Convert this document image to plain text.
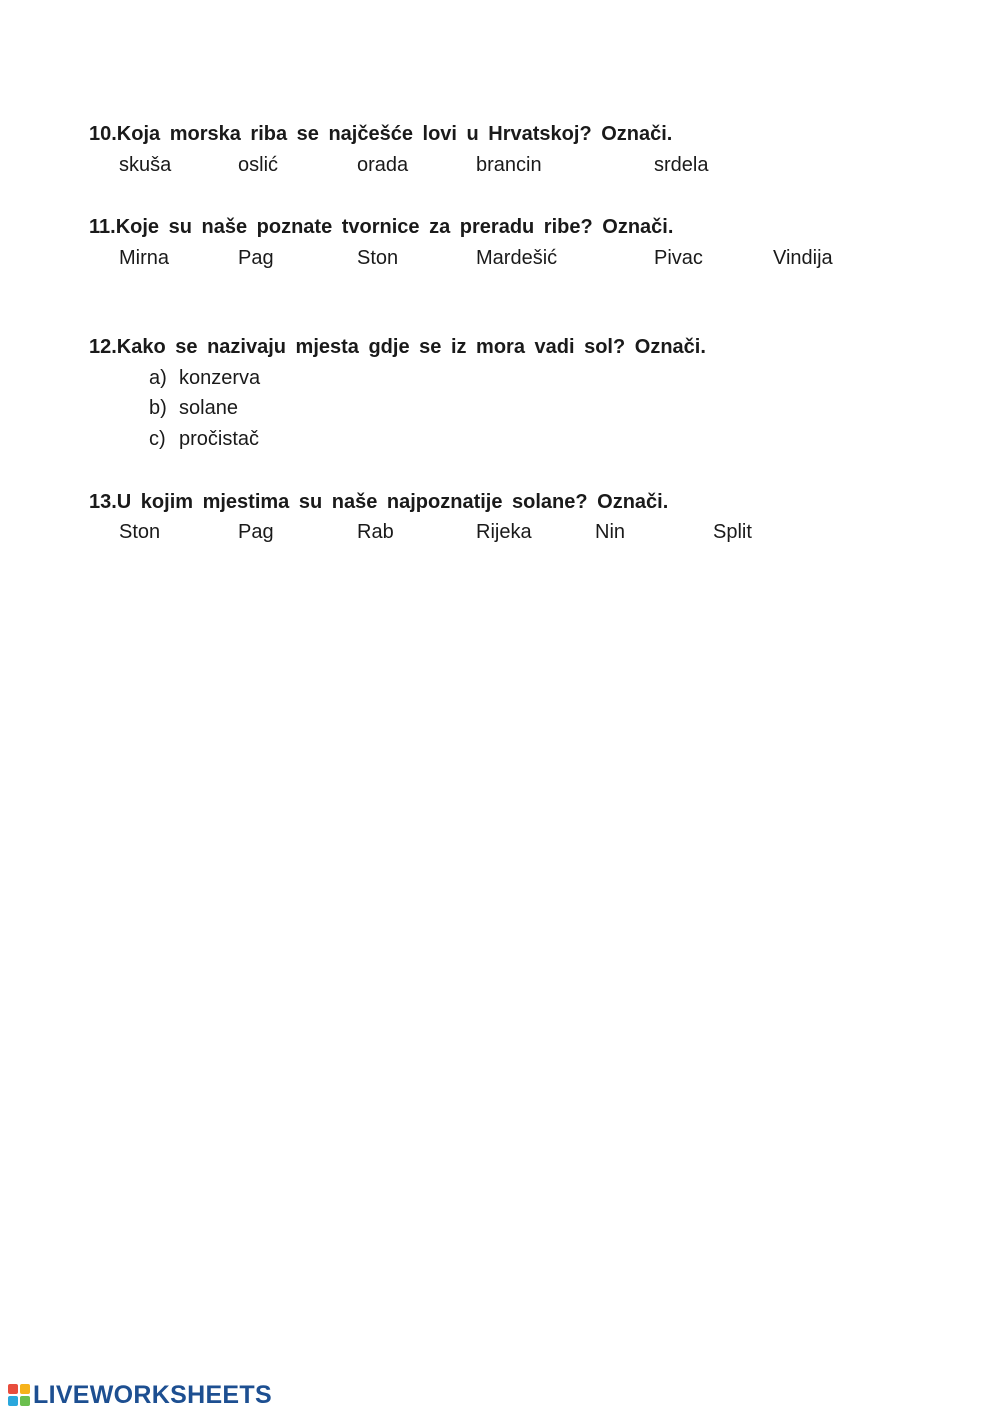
10.Koja morska riba se najčešće lovi u Hrvatskoj? Označi.
skuša	oslić	orada	brancin	srdela
11.Koje su naše poznate tvornice za preradu ribe? Označi.
Mirna	Pag	Ston	Mardešić	Pivac	Vindija
12.Kako se nazivaju mjesta gdje se iz mora vadi sol? Označi.
a) konzerva
b) solane
c) pročistač
13.U kojim mjestima su naše najpoznatije solane? Označi.
Ston	Pag	Rab	Rijeka	Nin	Split
LIVEWORKSHEETS
